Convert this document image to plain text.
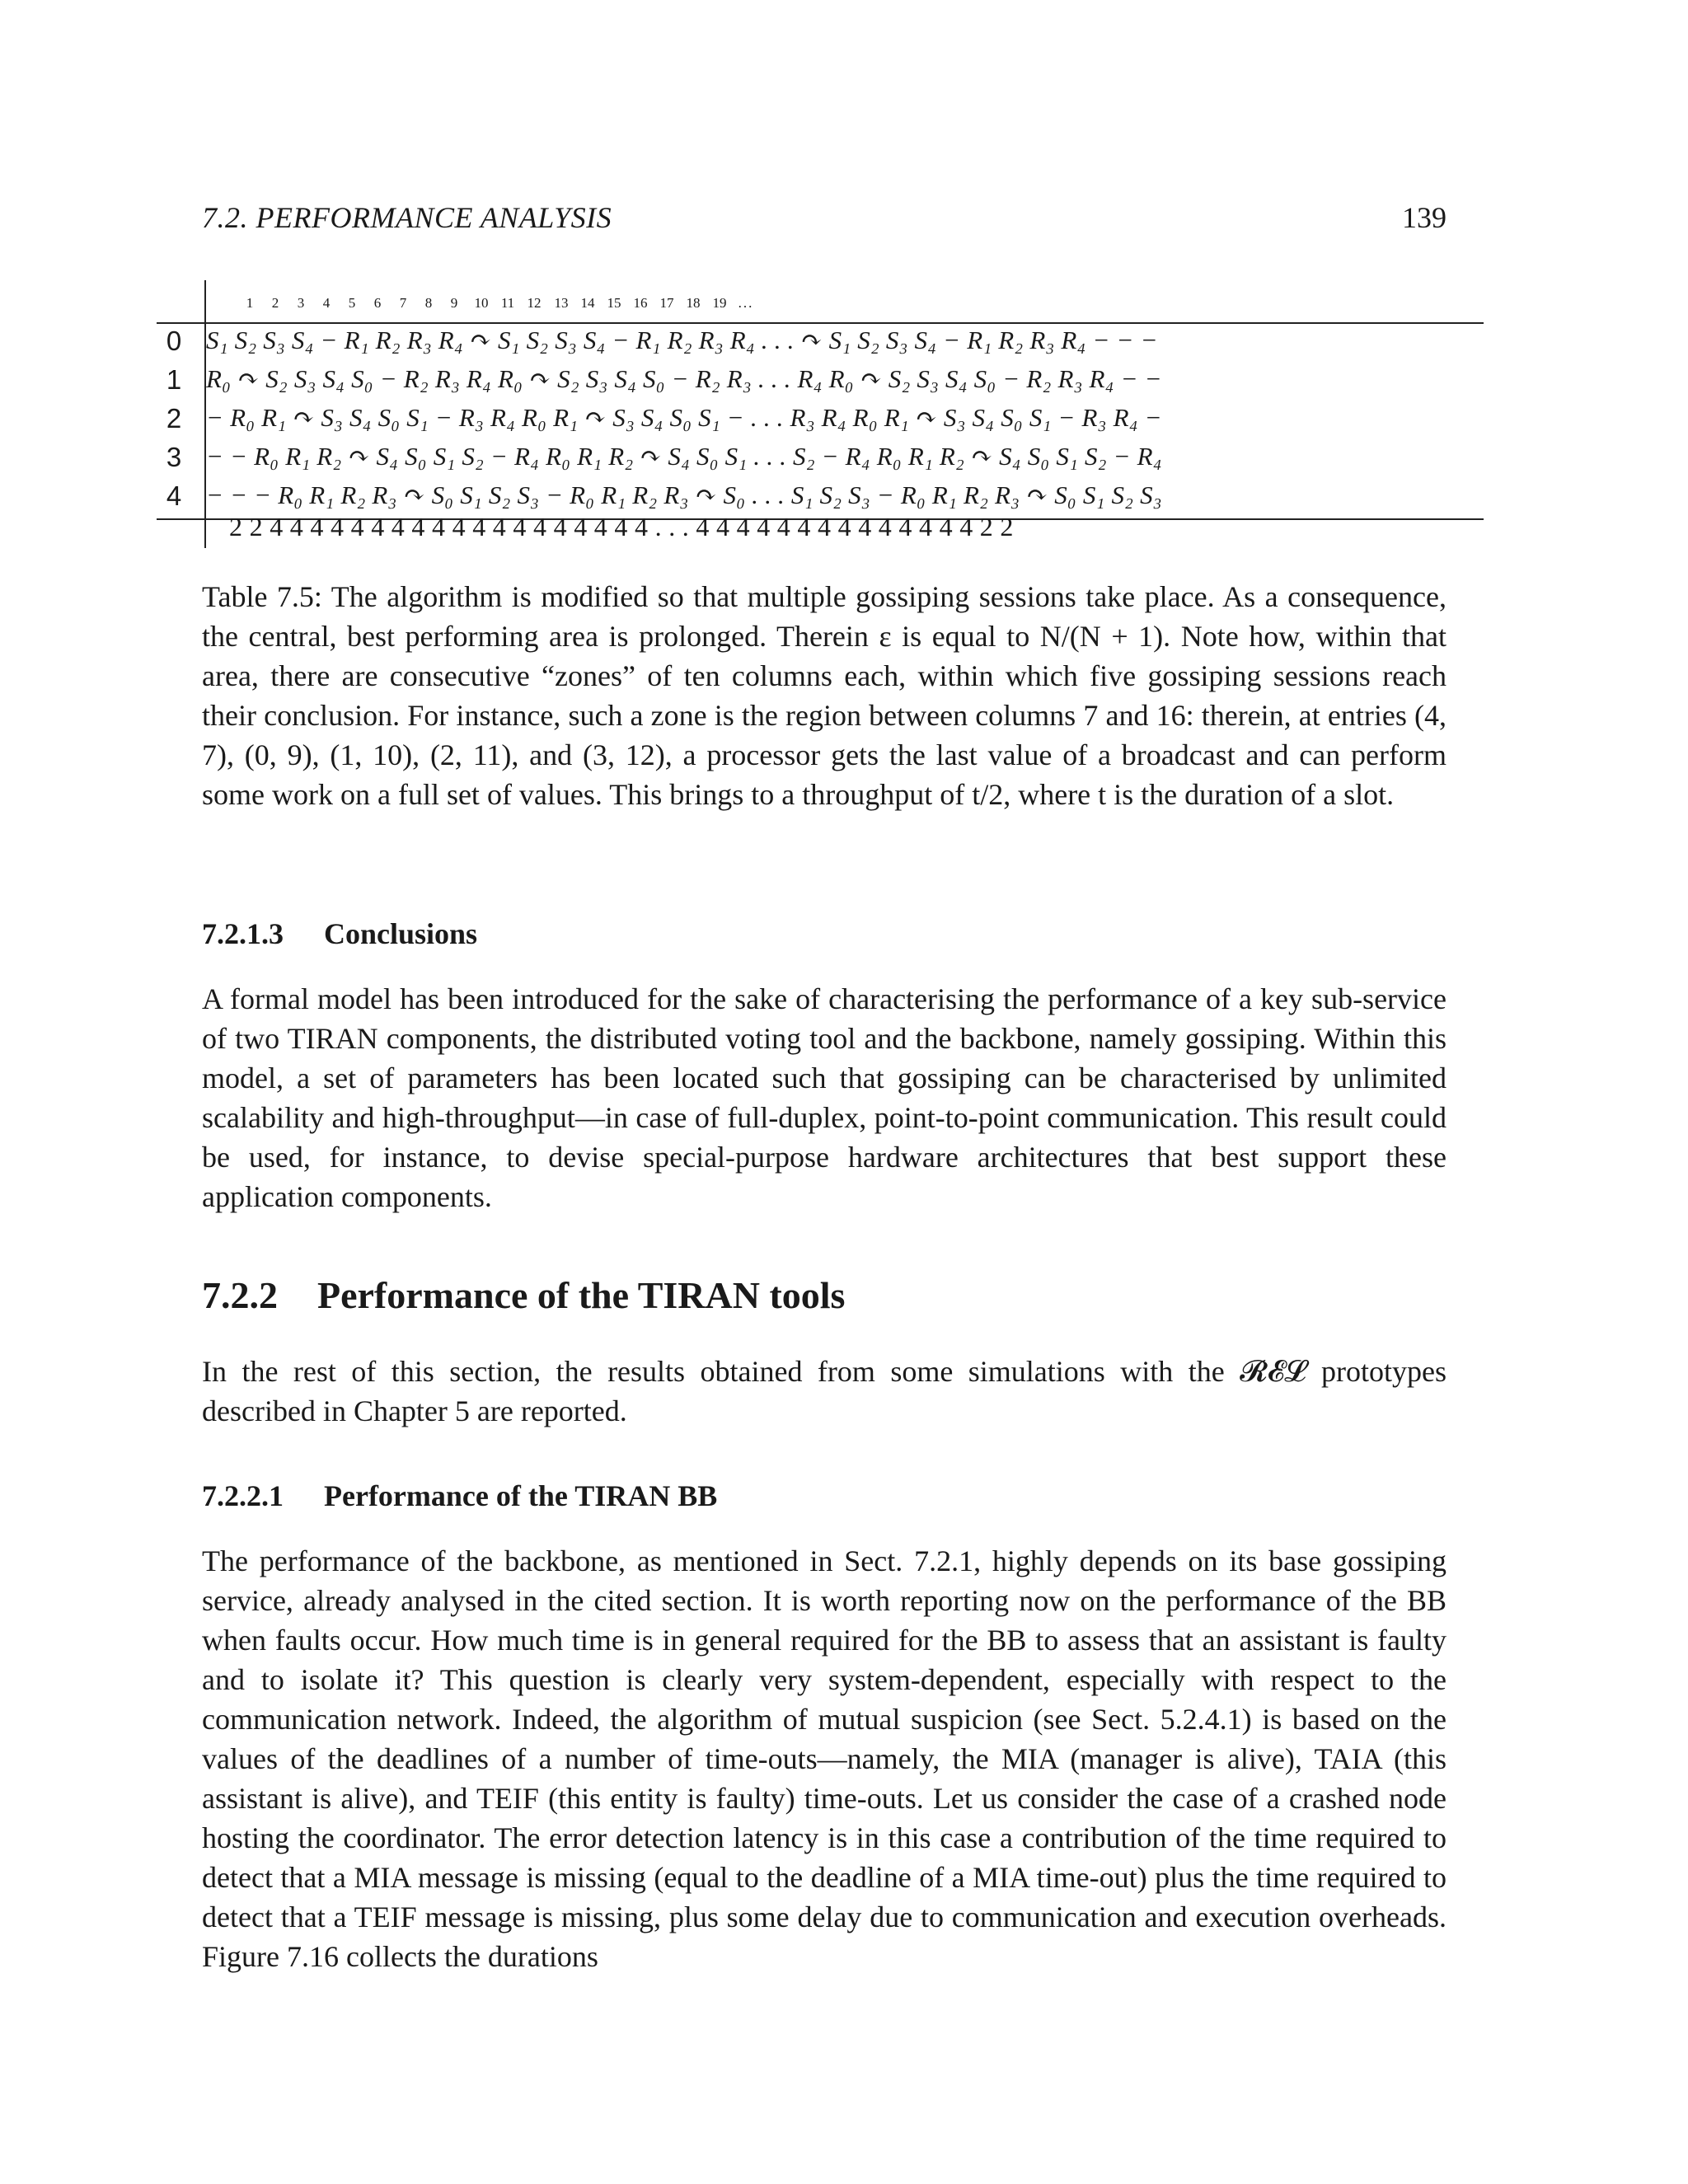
7.2. PERFORMANCE ANALYSIS	139
1	2	3	4	5	6	7	8	9	10 11 12 13 14 15 16 17 18 19 ...
0 S₁ S₂ S₃ S₄ − R₁ R₂ R₃ R₄ ↷ S₁ S₂ S₃ S₄ − R₁ R₂ R₃ R₄ . . . ↷ S₁ S₂ S₃ S₄ − R₁ R₂ R₃ R₄ − − −
1 R₀ ↷ S₂ S₃ S₄ S₀ − R₂ R₃ R₄ R₀ ↷ S₂ S₃ S₄ S₀ − R₂ R₃ . . . R₄ R₀ ↷ S₂ S₃ S₄ S₀ − R₂ R₃ R₄ − −
2 − R₀ R₁ ↷ S₃ S₄ S₀ S₁ − R₃ R₄ R₀ R₁ ↷ S₃ S₄ S₀ S₁ − . . . R₃ R₄ R₀ R₁ ↷ S₃ S₄ S₀ S₁ − R₃ R₄ −
3 − − R₀ R₁ R₂ ↷ S₄ S₀ S₁ S₂ − R₄ R₀ R₁ R₂ ↷ S₄ S₀ S₁ . . . S₂ − R₄ R₀ R₁ R₂ ↷ S₄ S₀ S₁ S₂ − R₄
4 − − − R₀ R₁ R₂ R₃ ↷ S₀ S₁ S₂ S₃ − R₀ R₁ R₂ R₃ ↷ S₀ . . . S₁ S₂ S₃ − R₀ R₁ R₂ R₃ ↷ S₀ S₁ S₂ S₃
2 2 4 4 4 4 4 4 4 4 4 4 4 4 4 4 4 4 4 4 4 . . . 4 4 4 4 4 4 4 4 4 4 4 4 4 4 2 2

Table 7.5: The algorithm is modified so that multiple gossiping sessions take place. As a consequence, the central, best performing area is prolonged. Therein ε is equal to N/(N + 1). Note how, within that area, there are consecutive “zones” of ten columns each, within which five gossiping sessions reach their conclusion. For instance, such a zone is the region between columns 7 and 16: therein, at entries (4, 7), (0, 9), (1, 10), (2, 11), and (3, 12), a processor gets the last value of a broadcast and can perform some work on a full set of values. This brings to a throughput of t/2, where t is the duration of a slot.

7.2.1.3 Conclusions

A formal model has been introduced for the sake of characterising the performance of a key sub-service of two TIRAN components, the distributed voting tool and the backbone, namely gossiping. Within this model, a set of parameters has been located such that gossiping can be characterised by unlimited scalability and high-throughput—in case of full-duplex, point-to-point communication. This result could be used, for instance, to devise special-purpose hardware architectures that best support these application components.

7.2.2 Performance of the TIRAN tools

In the rest of this section, the results obtained from some simulations with the 𝓡𝓔𝓛 prototypes described in Chapter 5 are reported.

7.2.2.1 Performance of the TIRAN BB

The performance of the backbone, as mentioned in Sect. 7.2.1, highly depends on its base gossiping service, already analysed in the cited section. It is worth reporting now on the performance of the BB when faults occur. How much time is in general required for the BB to assess that an assistant is faulty and to isolate it? This question is clearly very system-dependent, especially with respect to the communication network. Indeed, the algorithm of mutual suspicion (see Sect. 5.2.4.1) is based on the values of the deadlines of a number of time-outs—namely, the MIA (manager is alive), TAIA (this assistant is alive), and TEIF (this entity is faulty) time-outs. Let us consider the case of a crashed node hosting the coordinator. The error detection latency is in this case a contribution of the time required to detect that a MIA message is missing (equal to the deadline of a MIA time-out) plus the time required to detect that a TEIF message is missing, plus some delay due to communication and execution overheads. Figure 7.16 collects the durations
